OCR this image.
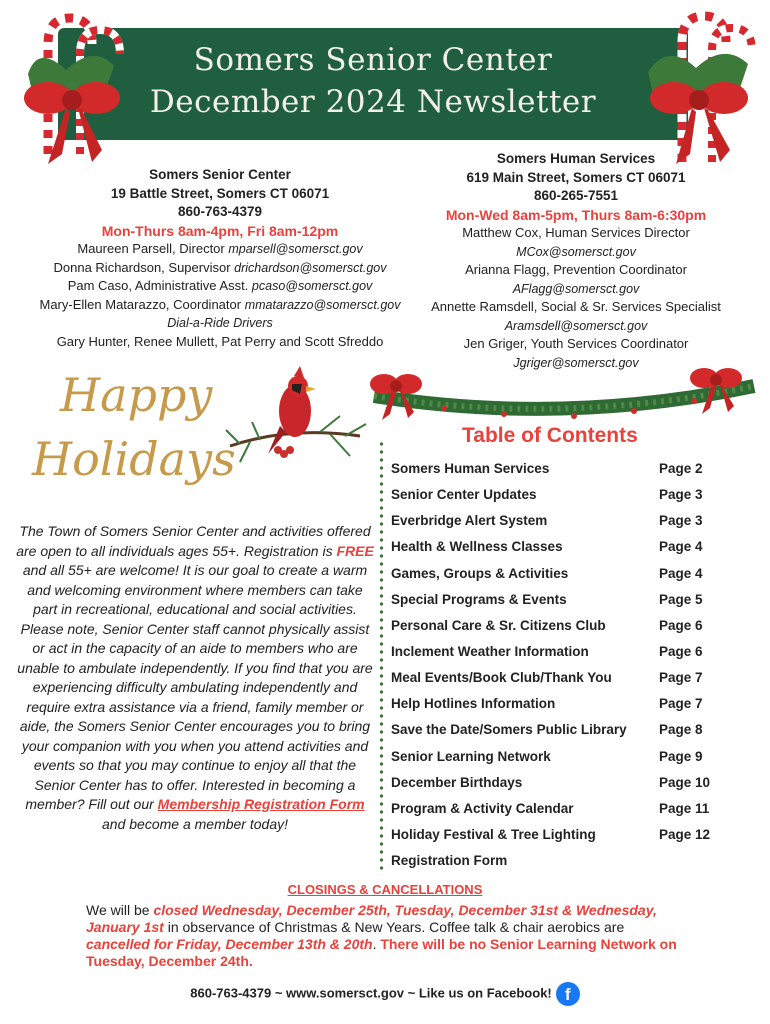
Somers Senior Center
December 2024 Newsletter
Somers Senior Center
19 Battle Street, Somers CT 06071
860-763-4379
Mon-Thurs 8am-4pm, Fri 8am-12pm
Maureen Parsell, Director mparsell@somersct.gov
Donna Richardson, Supervisor drichardson@somersct.gov
Pam Caso, Administrative Asst. pcaso@somersct.gov
Mary-Ellen Matarazzo, Coordinator mmatarazzo@somersct.gov
Dial-a-Ride Drivers
Gary Hunter, Renee Mullett, Pat Perry and Scott Sfreddo
Somers Human Services
619 Main Street, Somers CT 06071
860-265-7551
Mon-Wed 8am-5pm, Thurs 8am-6:30pm
Matthew Cox, Human Services Director
MCox@somersct.gov
Arianna Flagg, Prevention Coordinator
AFlagg@somersct.gov
Annette Ramsdell, Social & Sr. Services Specialist
Aramsdell@somersct.gov
Jen Griger, Youth Services Coordinator
Jgriger@somersct.gov
Happy
Holidays
The Town of Somers Senior Center and activities offered are open to all individuals ages 55+. Registration is FREE and all 55+ are welcome! It is our goal to create a warm and welcoming environment where members can take part in recreational, educational and social activities. Please note, Senior Center staff cannot physically assist or act in the capacity of an aide to members who are unable to ambulate independently. If you find that you are experiencing difficulty ambulating independently and require extra assistance via a friend, family member or aide, the Somers Senior Center encourages you to bring your companion with you when you attend activities and events so that you may continue to enjoy all that the Senior Center has to offer. Interested in becoming a member? Fill out our Membership Registration Form and become a member today!
Table of Contents
Somers Human Services	Page 2
Senior Center Updates	Page 3
Everbridge Alert System	Page 3
Health & Wellness Classes	Page 4
Games, Groups & Activities	Page 4
Special Programs & Events	Page 5
Personal Care & Sr. Citizens Club	Page 6
Inclement Weather Information	Page 6
Meal Events/Book Club/Thank You	Page 7
Help Hotlines Information	Page 7
Save the Date/Somers Public Library Page 8
Senior Learning Network	Page 9
December Birthdays	Page 10
Program & Activity Calendar	Page 11
Holiday Festival & Tree Lighting	Page 12
Registration Form
CLOSINGS & CANCELLATIONS
We will be closed Wednesday, December 25th, Tuesday, December 31st & Wednesday, January 1st in observance of Christmas & New Years. Coffee talk & chair aerobics are cancelled for Friday, December 13th & 20th. There will be no Senior Learning Network on Tuesday, December 24th.
860-763-4379 ~ www.somersct.gov ~ Like us on Facebook! f
